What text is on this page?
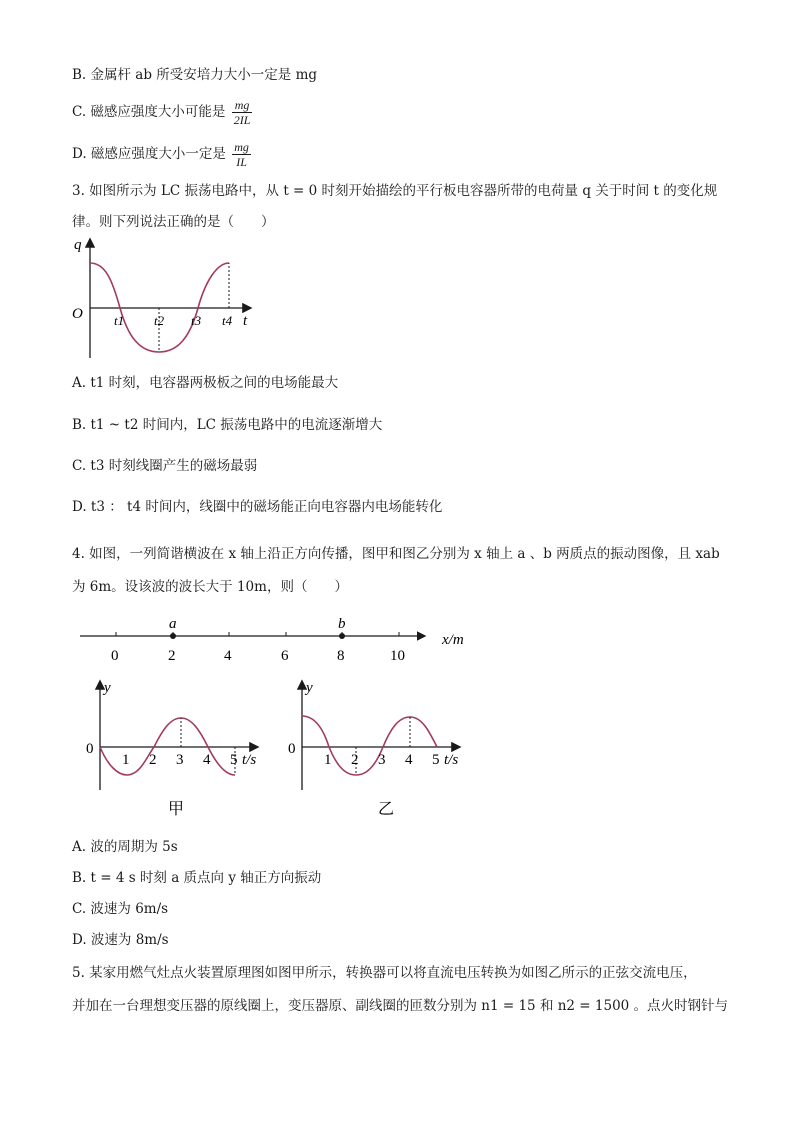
B. 金属杆 ab 所受安培力大小一定是 mg
C. 磁感应强度大小可能是 $\frac{mg}{2IL}$
D. 磁感应强度大小一定是 $\frac{mg}{IL}$
3. 如图所示为 LC 振荡电路中，从 t = 0 时刻开始描绘的平行板电容器所带的电荷量 q 关于时间 t 的变化规
律。则下列说法正确的是（　　）
q
O t1 t2 t3 t4 t
A. t1 时刻，电容器两极板之间的电场能最大
B. t1 ~ t2 时间内，LC 振荡电路中的电流逐渐增大
C. t3 时刻线圈产生的磁场最弱
D. t3 ： t4 时间内，线圈中的磁场能正向电容器内电场能转化
4. 如图，一列简谐横波在 x 轴上沿正方向传播，图甲和图乙分别为 x 轴上 a 、b 两质点的振动图像，且 xab
为 6m。设该波的波长大于 10m，则（　　）
a	b
0	2	4	6	8	10
x/m
y
0
1 2 3 4 5 t/s
甲
y
0
1 2 3 4 5 t/s
乙
A. 波的周期为 5s
B. t = 4 s 时刻 a 质点向 y 轴正方向振动
C. 波速为 6m/s
D. 波速为 8m/s
5. 某家用燃气灶点火装置原理图如图甲所示，转换器可以将直流电压转换为如图乙所示的正弦交流电压，
并加在一台理想变压器的原线圈上，变压器原、副线圈的匝数分别为 n1 = 15 和 n2 = 1500 。点火时钢针与
